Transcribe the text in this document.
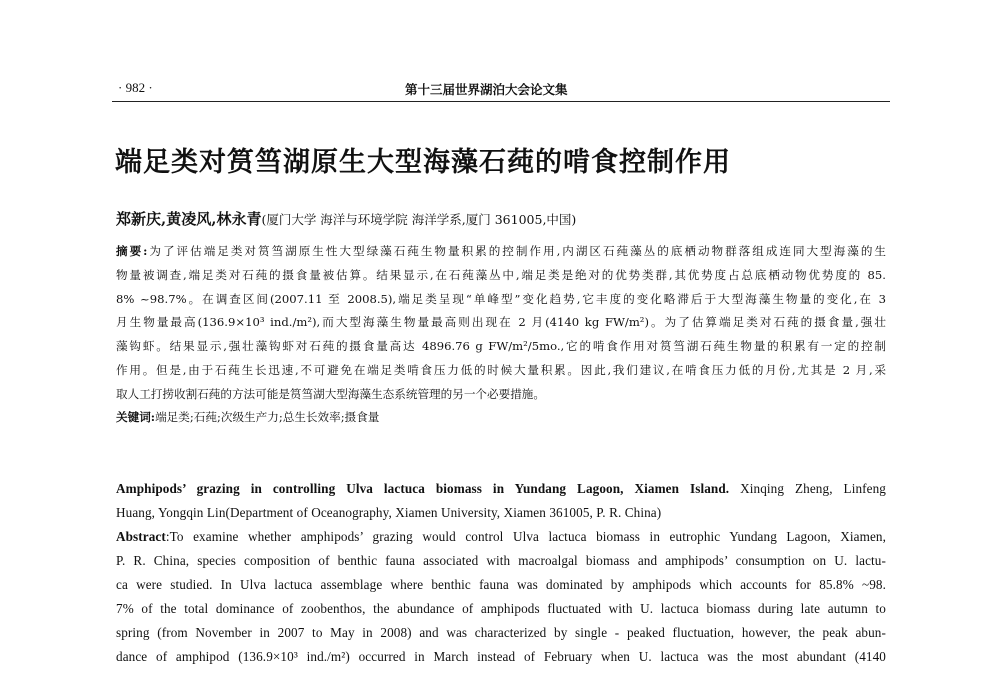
· 982 ·	第十三届世界湖泊大会论文集
端足类对筼筜湖原生大型海藻石莼的啃食控制作用
郑新庆,黄凌风,林永青(厦门大学 海洋与环境学院 海洋学系,厦门 361005,中国)
摘要:为了评估端足类对筼筜湖原生性大型绿藻石莼生物量积累的控制作用,内湖区石莼藻丛的底栖动物群落组成连同大型海藻的生
物量被调查,端足类对石莼的摄食量被估算。结果显示,在石莼藻丛中,端足类是绝对的优势类群,其优势度占总底栖动物优势度的 85.
8% ~98.7%。在调查区间(2007.11 至 2008.5),端足类呈现“单峰型”变化趋势,它丰度的变化略滞后于大型海藻生物量的变化,在 3
月生物量最高(136.9×10³ ind./m²),而大型海藻生物量最高则出现在 2 月(4140 kg FW/m²)。为了估算端足类对石莼的摄食量,强壮
藻钩虾。结果显示,强壮藻钩虾对石莼的摄食量高达 4896.76 g FW/m²/5mo.,它的啃食作用对筼筜湖石莼生物量的积累有一定的控制
作用。但是,由于石莼生长迅速,不可避免在端足类啃食压力低的时候大量积累。因此,我们建议,在啃食压力低的月份,尤其是 2 月,采
取人工打捞收割石莼的方法可能是筼筜湖大型海藻生态系统管理的另一个必要措施。
关键词:端足类;石莼;次级生产力;总生长效率;摄食量
Amphipods’ grazing in controlling Ulva lactuca biomass in Yundang Lagoon, Xiamen Island. Xinqing Zheng, Linfeng
Huang, Yongqin Lin(Department of Oceanography, Xiamen University, Xiamen 361005, P. R. China)
Abstract:To examine whether amphipods’ grazing would control Ulva lactuca biomass in eutrophic Yundang Lagoon, Xiamen,
P. R. China, species composition of benthic fauna associated with macroalgal biomass and amphipods’ consumption on U. lactu-
ca were studied. In Ulva lactuca assemblage where benthic fauna was dominated by amphipods which accounts for 85.8% ~98.
7% of the total dominance of zoobenthos, the abundance of amphipods fluctuated with U. lactuca biomass during late autumn to
spring (from November in 2007 to May in 2008) and was characterized by single - peaked fluctuation, however, the peak abun-
dance of amphipod (136.9×10³ ind./m²) occurred in March instead of February when U. lactuca was the most abundant (4140
